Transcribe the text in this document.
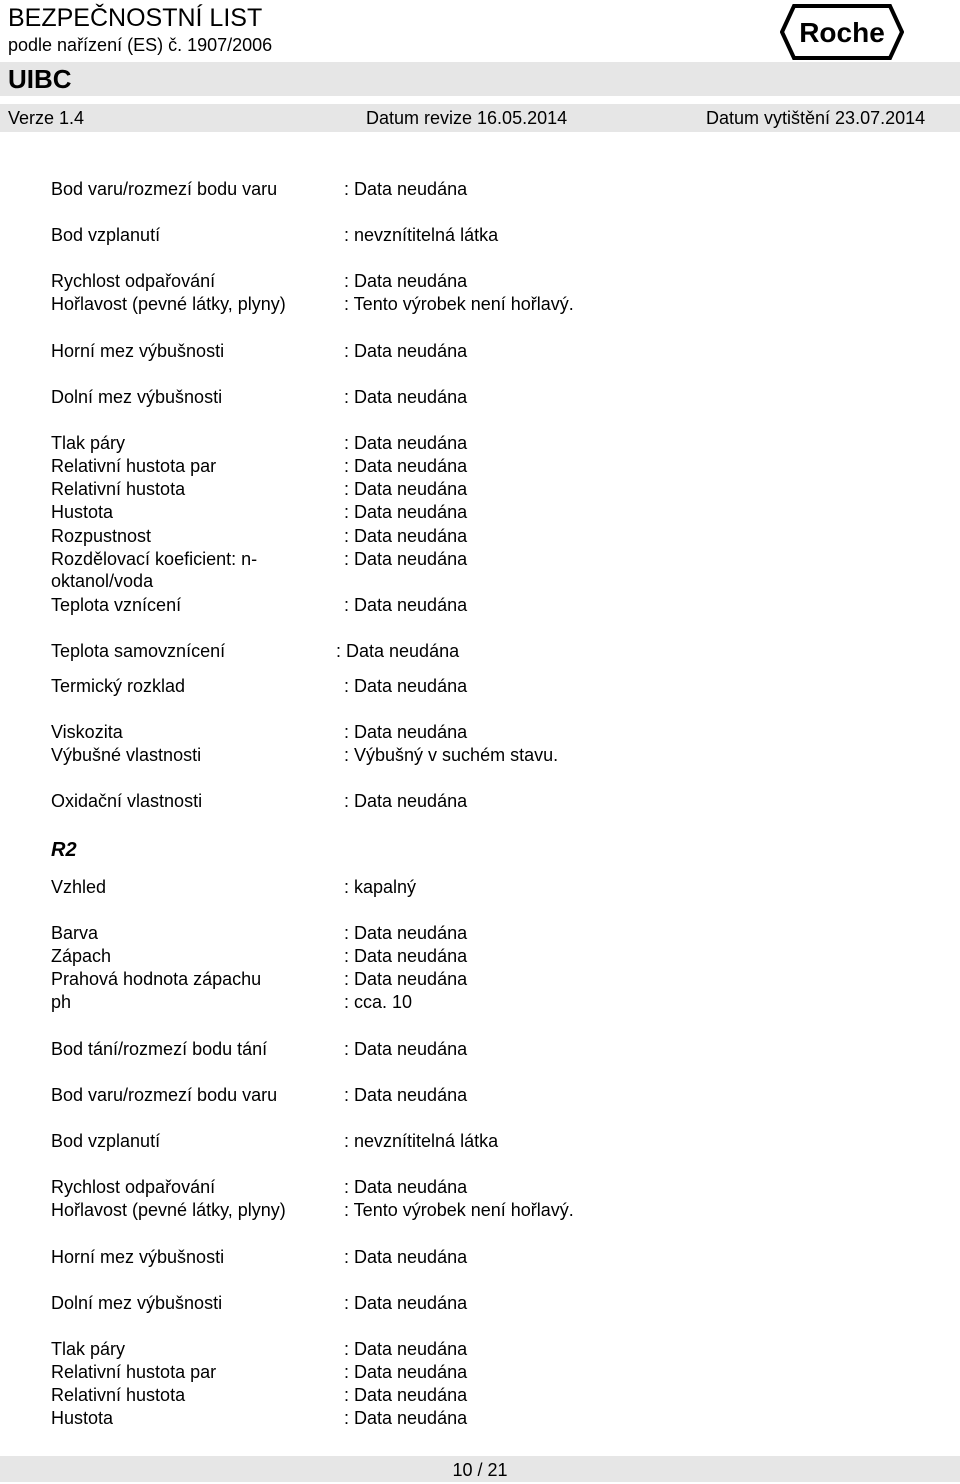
BEZPEČNOSTNÍ LIST
podle nařízení (ES) č. 1907/2006	Roche
UIBC
Verze 1.4	Datum revize 16.05.2014	Datum vytištění 23.07.2014
Bod varu/rozmezí bodu varu	: Data neudána
Bod vzplanutí	: nevznítitelná látka
Rychlost odpařování	: Data neudána
Hořlavost (pevné látky, plyny)	: Tento výrobek není hořlavý.
Horní mez výbušnosti	: Data neudána
Dolní mez výbušnosti	: Data neudána
Tlak páry	: Data neudána
Relativní hustota par	: Data neudána
Relativní hustota	: Data neudána
Hustota	: Data neudána
Rozpustnost	: Data neudána
Rozdělovací koeficient: n-oktanol/voda
: Data neudána
Teplota vznícení	: Data neudána
Teplota samovznícení	: Data neudána
Termický rozklad	: Data neudána
Viskozita	: Data neudána
Výbušné vlastnosti	: Výbušný v suchém stavu.
Oxidační vlastnosti	: Data neudána
R2
Vzhled	: kapalný
Barva	: Data neudána
Zápach	: Data neudána
Prahová hodnota zápachu	: Data neudána
ph	: cca. 10
Bod tání/rozmezí bodu tání	: Data neudána
Bod varu/rozmezí bodu varu	: Data neudána
Bod vzplanutí	: nevznítitelná látka
Rychlost odpařování	: Data neudána
Hořlavost (pevné látky, plyny)	: Tento výrobek není hořlavý.
Horní mez výbušnosti	: Data neudána
Dolní mez výbušnosti	: Data neudána
Tlak páry	: Data neudána
Relativní hustota par	: Data neudána
Relativní hustota	: Data neudána
Hustota	: Data neudána
10 / 21
